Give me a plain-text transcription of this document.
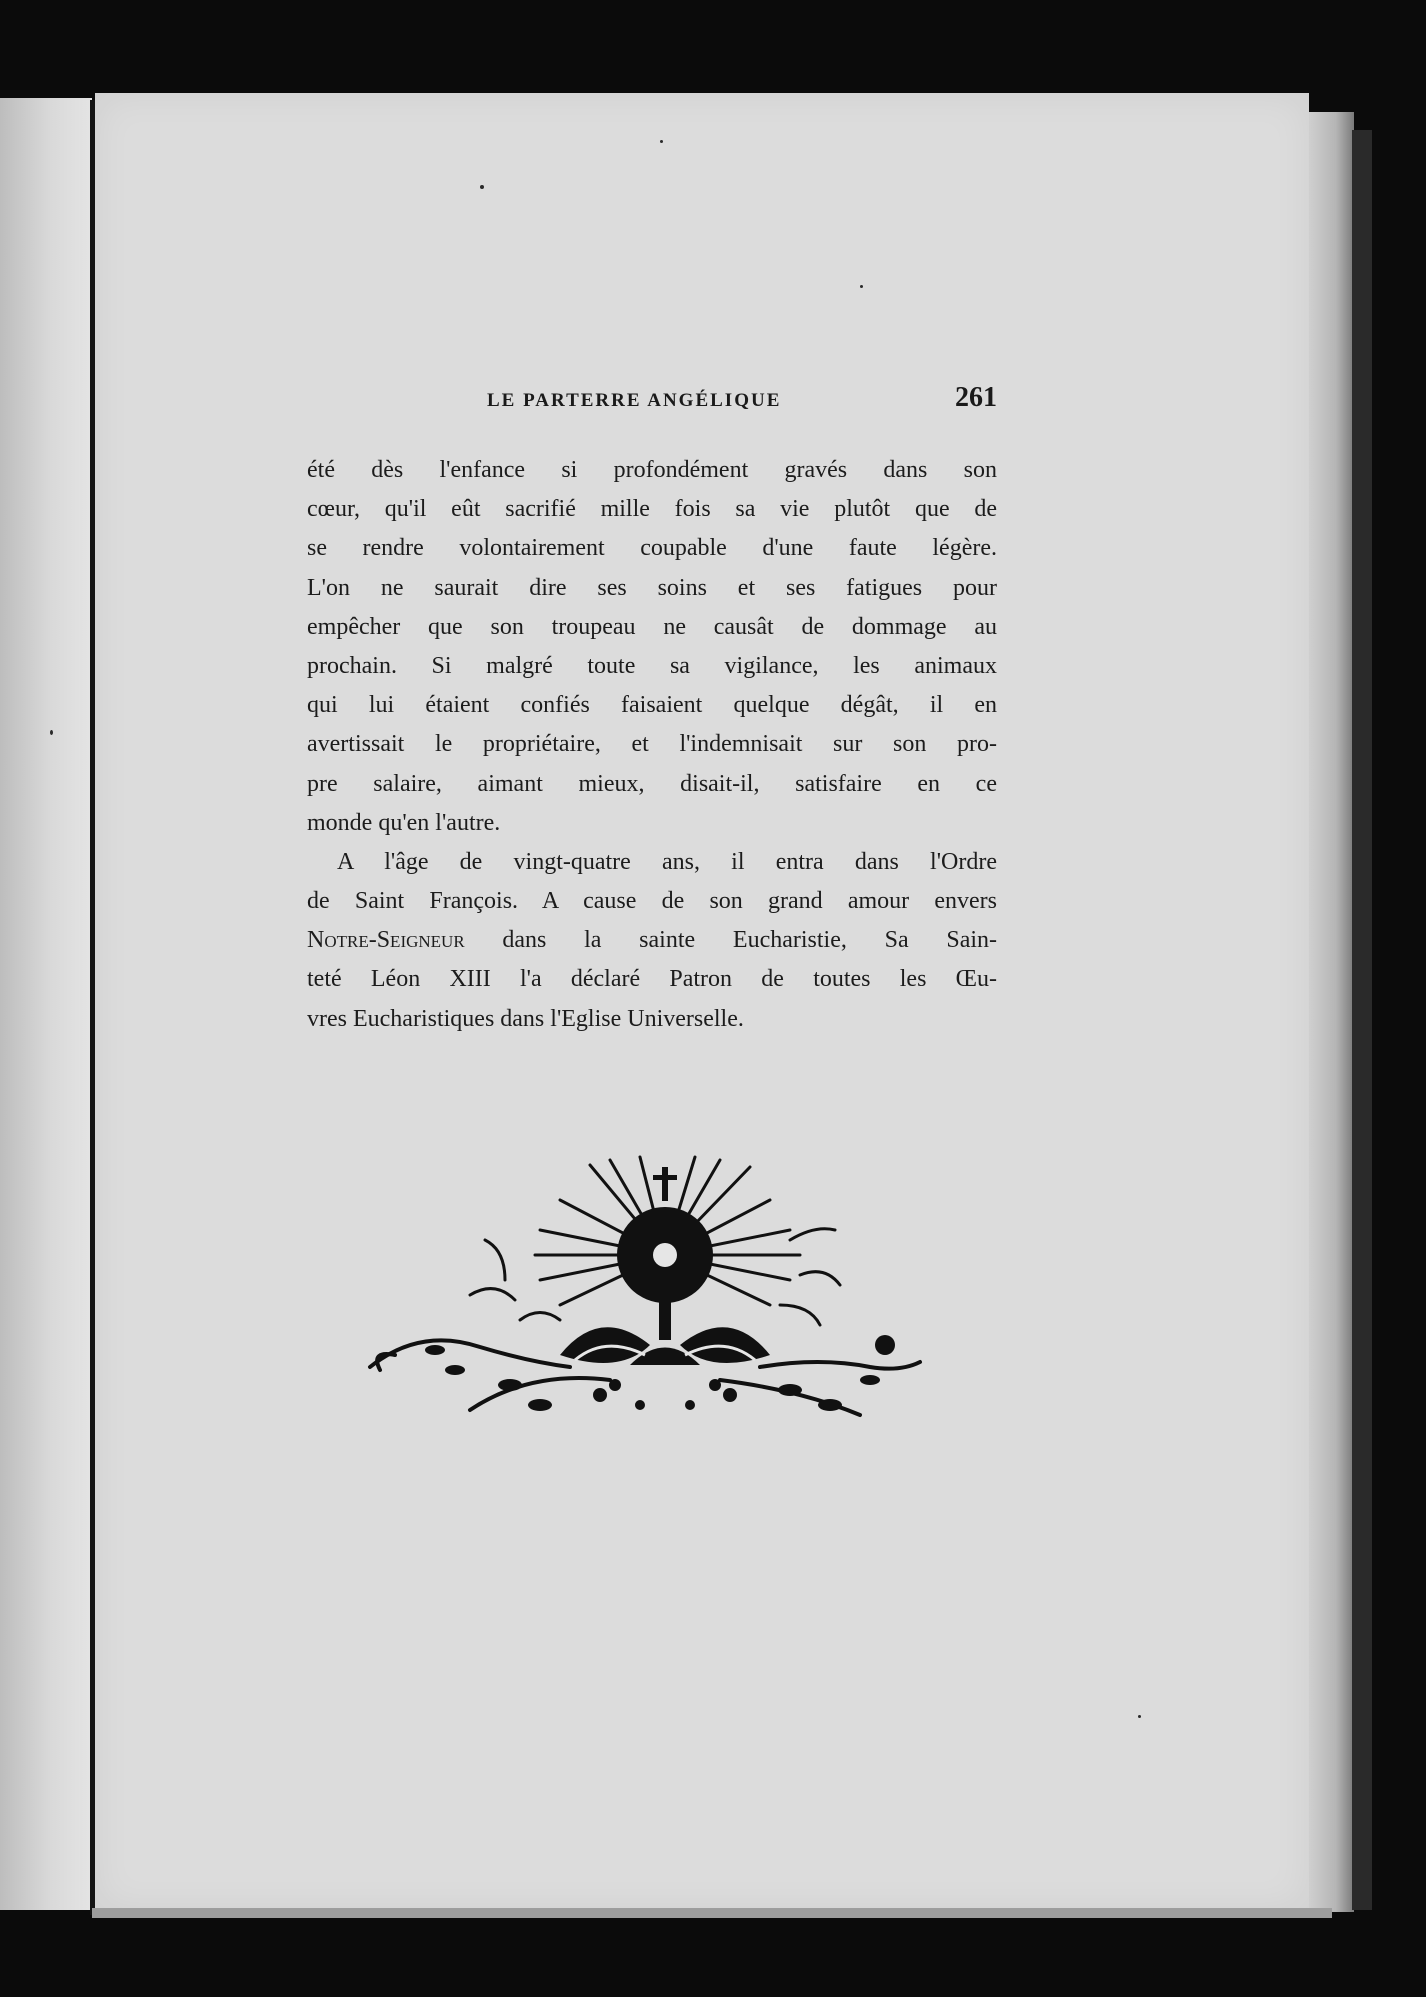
LE PARTERRE ANGÉLIQUE	261
été dès l'enfance si profondément gravés dans son
cœur, qu'il eût sacrifié mille fois sa vie plutôt que de
se rendre volontairement coupable d'une faute légère.
L'on ne saurait dire ses soins et ses fatigues pour
empêcher que son troupeau ne causât de dommage au
prochain. Si malgré toute sa vigilance, les animaux
qui lui étaient confiés faisaient quelque dégât, il en
avertissait le propriétaire, et l'indemnisait sur son pro-
pre salaire, aimant mieux, disait-il, satisfaire en ce
monde qu'en l'autre.
A l'âge de vingt-quatre ans, il entra dans l'Ordre
de Saint François. A cause de son grand amour envers
Notre-Seigneur dans la sainte Eucharistie, Sa Sain-
teté Léon XIII l'a déclaré Patron de toutes les Œu-
vres Eucharistiques dans l'Eglise Universelle.
